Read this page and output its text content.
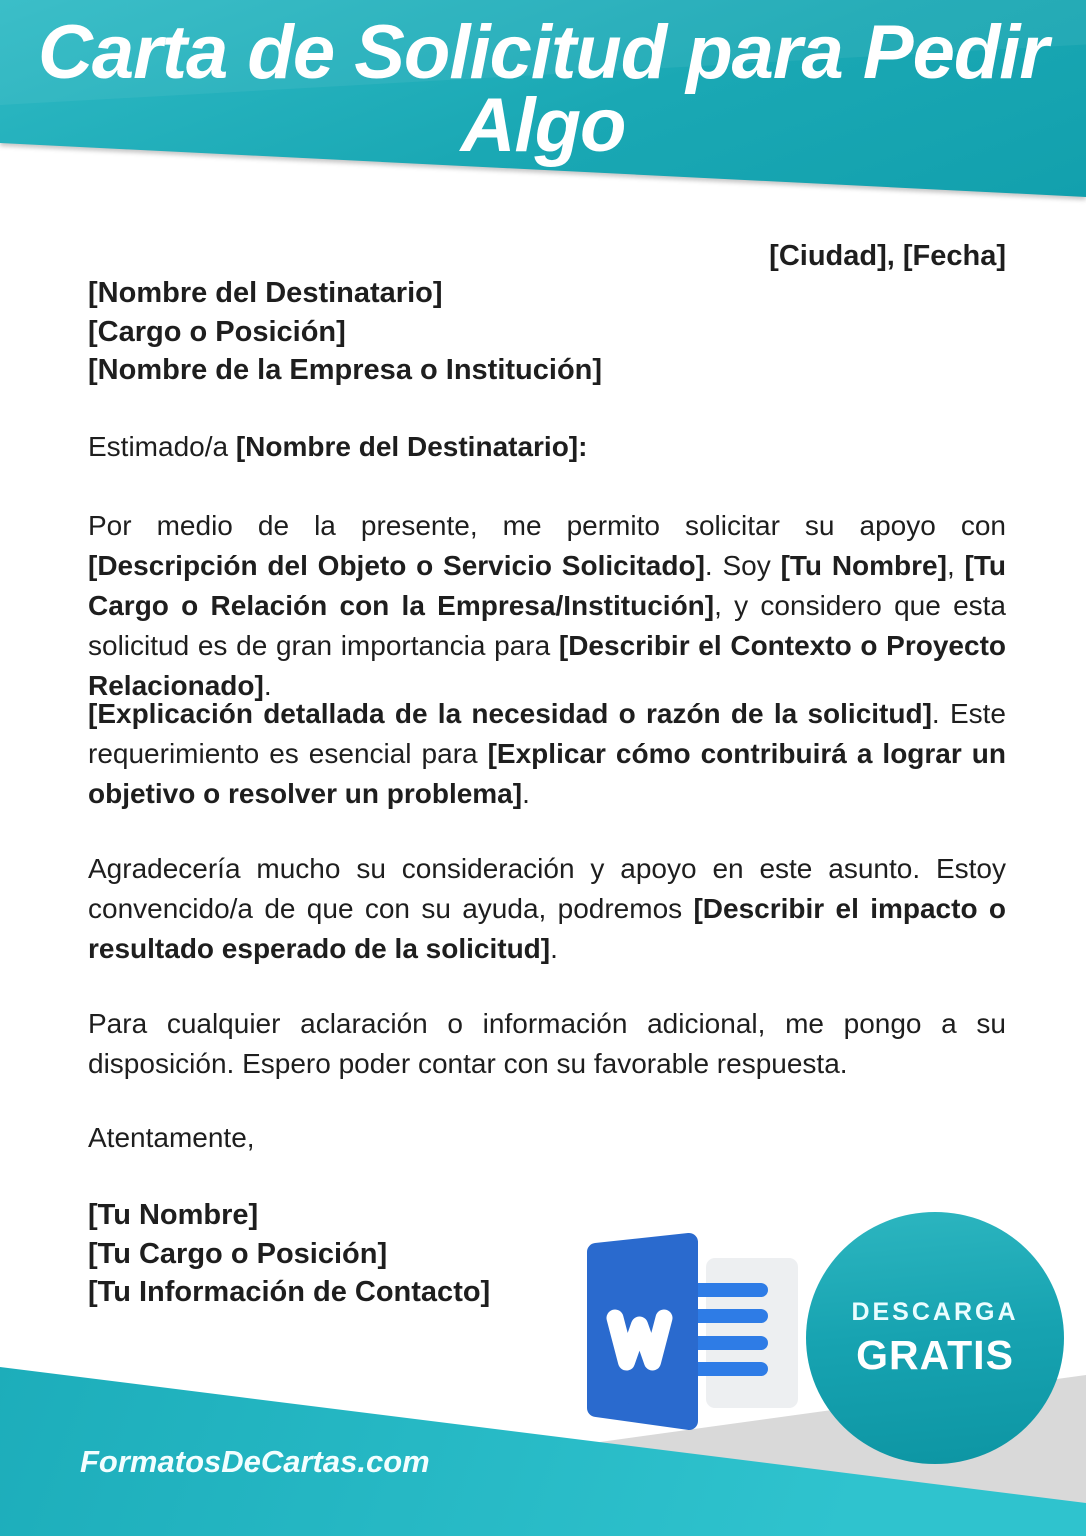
Carta de Solicitud para Pedir
Algo
[Ciudad], [Fecha]
[Nombre del Destinatario]
[Cargo o Posición]
[Nombre de la Empresa o Institución]
Estimado/a [Nombre del Destinatario]:

Por medio de la presente, me permito solicitar su apoyo con [Descripción del Objeto o Servicio Solicitado]. Soy [Tu Nombre], [Tu Cargo o Relación con la Empresa/Institución], y considero que esta solicitud es de gran importancia para [Describir el Contexto o Proyecto Relacionado].

[Explicación detallada de la necesidad o razón de la solicitud]. Este requerimiento es esencial para [Explicar cómo contribuirá a lograr un objetivo o resolver un problema].

Agradecería mucho su consideración y apoyo en este asunto. Estoy convencido/a de que con su ayuda, podremos [Describir el impacto o resultado esperado de la solicitud].

Para cualquier aclaración o información adicional, me pongo a su disposición. Espero poder contar con su favorable respuesta.

Atentamente,
[Tu Nombre]
[Tu Cargo o Posición]
[Tu Información de Contacto]
DESCARGA
GRATIS
FormatosDeCartas.com
